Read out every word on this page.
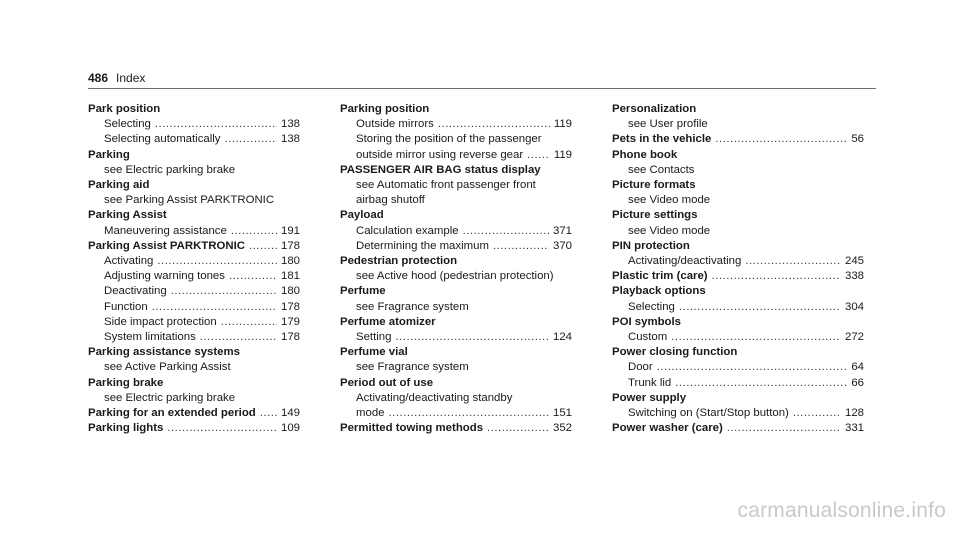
486 Index
Park position
Selecting .....	138
Selecting automatically .....	138
Parking
see Electric parking brake
Parking aid
see Parking Assist PARKTRONIC
Parking Assist
Maneuvering assistance .....	191
Parking Assist PARKTRONIC .....	178
Activating .....	180
Adjusting warning tones .....	181
Deactivating .....	180
Function .....	178
Side impact protection .....	179
System limitations .....	178
Parking assistance systems
see Active Parking Assist
Parking brake
see Electric parking brake
Parking for an extended period ..... 149
Parking lights .....	109
Parking position
Outside mirrors .....	119
Storing the position of the passenger
outside mirror using reverse gear .....	119
PASSENGER AIR BAG status display
see Automatic front passenger front
airbag shutoff
Payload
Calculation example .....	371
Determining the maximum .....	370
Pedestrian protection
see Active hood (pedestrian protection)
Perfume
see Fragrance system
Perfume atomizer
Setting .....	124
Perfume vial
see Fragrance system
Period out of use
Activating/deactivating standby
mode .....	151
Permitted towing methods .....	352
Personalization
see User profile
Pets in the vehicle .....	56
Phone book
see Contacts
Picture formats
see Video mode
Picture settings
see Video mode
PIN protection
Activating/deactivating .....	245
Plastic trim (care) .....	338
Playback options
Selecting .....	304
POI symbols
Custom .....	272
Power closing function
Door .....	64
Trunk lid .....	66
Power supply
Switching on (Start/Stop button) .....	128
Power washer (care) .....	331
carmanualsonline.info
